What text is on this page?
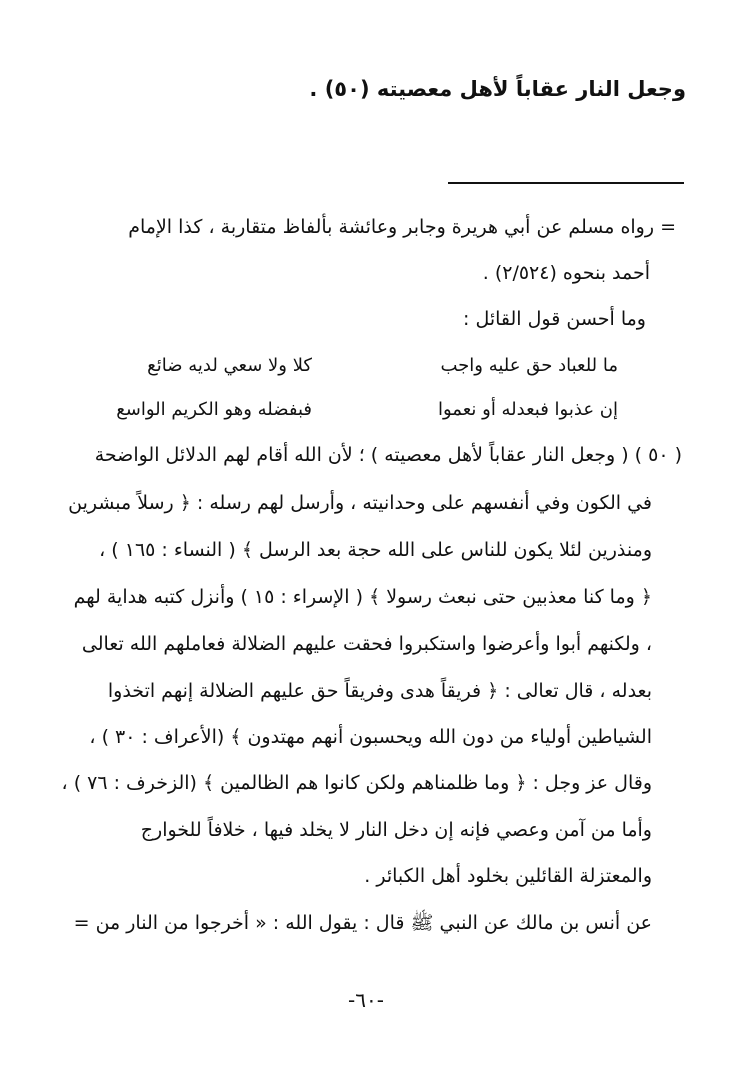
وجعل النار عقاباً لأهل معصيته (٥٠) .
= رواه مسلم عن أبي هريرة وجابر وعائشة بألفاظ متقاربة ، كذا الإمام
أحمد بنحوه (٢/٥٢٤) .
وما أحسن قول القائل :
ما للعباد حق عليه واجب
كلا ولا سعي لديه ضائع
إن عذبوا فبعدله أو نعموا
فبفضله وهو الكريم الواسع
( ٥٠ ) ( وجعل النار عقاباً لأهل معصيته ) ؛ لأن الله أقام لهم الدلائل الواضحة
في الكون وفي أنفسهم على وحدانيته ، وأرسل لهم رسله : ﴿ رسلاً مبشرين
ومنذرين لئلا يكون للناس على الله حجة بعد الرسل ﴾ ( النساء : ١٦٥ ) ،
﴿ وما كنا معذبين حتى نبعث رسولا ﴾ ( الإسراء : ١٥ ) وأنزل كتبه هداية لهم
، ولكنهم أبوا وأعرضوا واستكبروا فحقت عليهم الضلالة فعاملهم الله تعالى
بعدله ، قال تعالى : ﴿ فريقاً هدى وفريقاً حق عليهم الضلالة إنهم اتخذوا
الشياطين أولياء من دون الله ويحسبون أنهم مهتدون ﴾ (الأعراف : ٣٠ ) ،
وقال عز وجل : ﴿ وما ظلمناهم ولكن كانوا هم الظالمين ﴾ (الزخرف : ٧٦ ) ،
وأما من آمن وعصي فإنه إن دخل النار لا يخلد فيها ، خلافاً للخوارج
والمعتزلة القائلين بخلود أهل الكبائر .
عن أنس بن مالك عن النبي ﷺ قال : يقول الله : « أخرجوا من النار من =
-٦٠-
